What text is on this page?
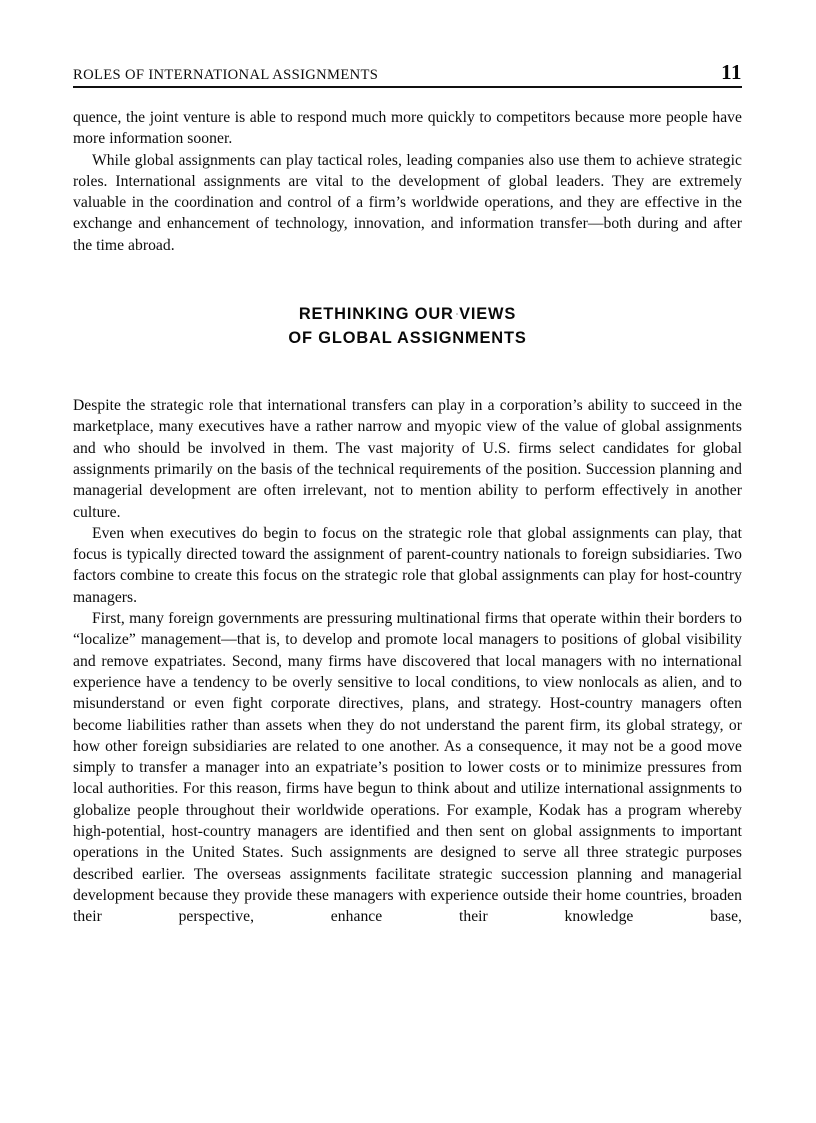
ROLES OF INTERNATIONAL ASSIGNMENTS	11

quence, the joint venture is able to respond much more quickly to competitors because more people have more information sooner.

While global assignments can play tactical roles, leading companies also use them to achieve strategic roles. International assignments are vital to the development of global leaders. They are extremely valuable in the coordination and control of a firm’s worldwide operations, and they are effective in the exchange and enhancement of technology, innovation, and information transfer—both during and after the time abroad.

RETHINKING OUR VIEWS
OF GLOBAL ASSIGNMENTS

Despite the strategic role that international transfers can play in a corporation’s ability to succeed in the marketplace, many executives have a rather narrow and myopic view of the value of global assignments and who should be involved in them. The vast majority of U.S. firms select candidates for global assignments primarily on the basis of the technical requirements of the position. Succession planning and managerial development are often irrelevant, not to mention ability to perform effectively in another culture.

Even when executives do begin to focus on the strategic role that global assignments can play, that focus is typically directed toward the assignment of parent-country nationals to foreign subsidiaries. Two factors combine to create this focus on the strategic role that global assignments can play for host-country managers.

First, many foreign governments are pressuring multinational firms that operate within their borders to “localize” management—that is, to develop and promote local managers to positions of global visibility and remove expatriates. Second, many firms have discovered that local managers with no international experience have a tendency to be overly sensitive to local conditions, to view nonlocals as alien, and to misunderstand or even fight corporate directives, plans, and strategy. Host-country managers often become liabilities rather than assets when they do not understand the parent firm, its global strategy, or how other foreign subsidiaries are related to one another. As a consequence, it may not be a good move simply to transfer a manager into an expatriate’s position to lower costs or to minimize pressures from local authorities. For this reason, firms have begun to think about and utilize international assignments to globalize people throughout their worldwide operations. For example, Kodak has a program whereby high-potential, host-country managers are identified and then sent on global assignments to important operations in the United States. Such assignments are designed to serve all three strategic purposes described earlier. The overseas assignments facilitate strategic succession planning and managerial development because they provide these managers with experience outside their home countries, broaden their perspective, enhance their knowledge base,
